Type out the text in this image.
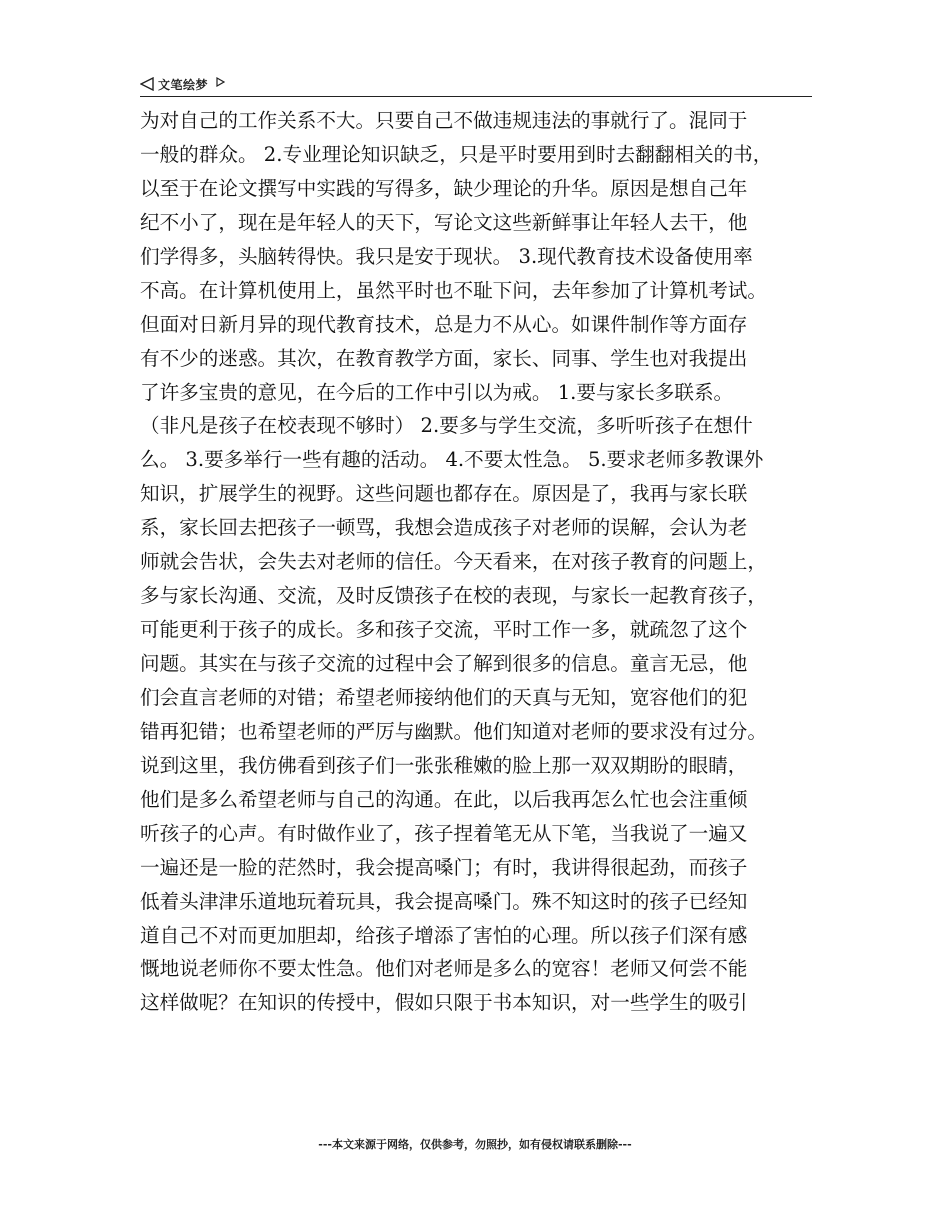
文笔绘梦
为对自己的工作关系不大。只要自己不做违规违法的事就行了。混同于
一般的群众。 2.专业理论知识缺乏，只是平时要用到时去翻翻相关的书，
以至于在论文撰写中实践的写得多，缺少理论的升华。原因是想自己年
纪不小了，现在是年轻人的天下，写论文这些新鲜事让年轻人去干，他
们学得多，头脑转得快。我只是安于现状。 3.现代教育技术设备使用率
不高。在计算机使用上，虽然平时也不耻下问，去年参加了计算机考试。
但面对日新月异的现代教育技术，总是力不从心。如课件制作等方面存
有不少的迷惑。其次，在教育教学方面，家长、同事、学生也对我提出
了许多宝贵的意见，在今后的工作中引以为戒。 1.要与家长多联系。
（非凡是孩子在校表现不够时） 2.要多与学生交流，多听听孩子在想什
么。 3.要多举行一些有趣的活动。 4.不要太性急。 5.要求老师多教课外
知识，扩展学生的视野。这些问题也都存在。原因是了，我再与家长联
系，家长回去把孩子一顿骂，我想会造成孩子对老师的误解，会认为老
师就会告状，会失去对老师的信任。今天看来，在对孩子教育的问题上，
多与家长沟通、交流，及时反馈孩子在校的表现，与家长一起教育孩子，
可能更利于孩子的成长。多和孩子交流，平时工作一多，就疏忽了这个
问题。其实在与孩子交流的过程中会了解到很多的信息。童言无忌，他
们会直言老师的对错；希望老师接纳他们的天真与无知，宽容他们的犯
错再犯错；也希望老师的严厉与幽默。他们知道对老师的要求没有过分。
说到这里，我仿佛看到孩子们一张张稚嫩的脸上那一双双期盼的眼睛，
他们是多么希望老师与自己的沟通。在此，以后我再怎么忙也会注重倾
听孩子的心声。有时做作业了，孩子捏着笔无从下笔，当我说了一遍又
一遍还是一脸的茫然时，我会提高嗓门；有时，我讲得很起劲，而孩子
低着头津津乐道地玩着玩具，我会提高嗓门。殊不知这时的孩子已经知
道自己不对而更加胆却，给孩子增添了害怕的心理。所以孩子们深有感
慨地说老师你不要太性急。他们对老师是多么的宽容！老师又何尝不能
这样做呢？在知识的传授中，假如只限于书本知识，对一些学生的吸引
---本文来源于网络，仅供参考，勿照抄，如有侵权请联系删除---
